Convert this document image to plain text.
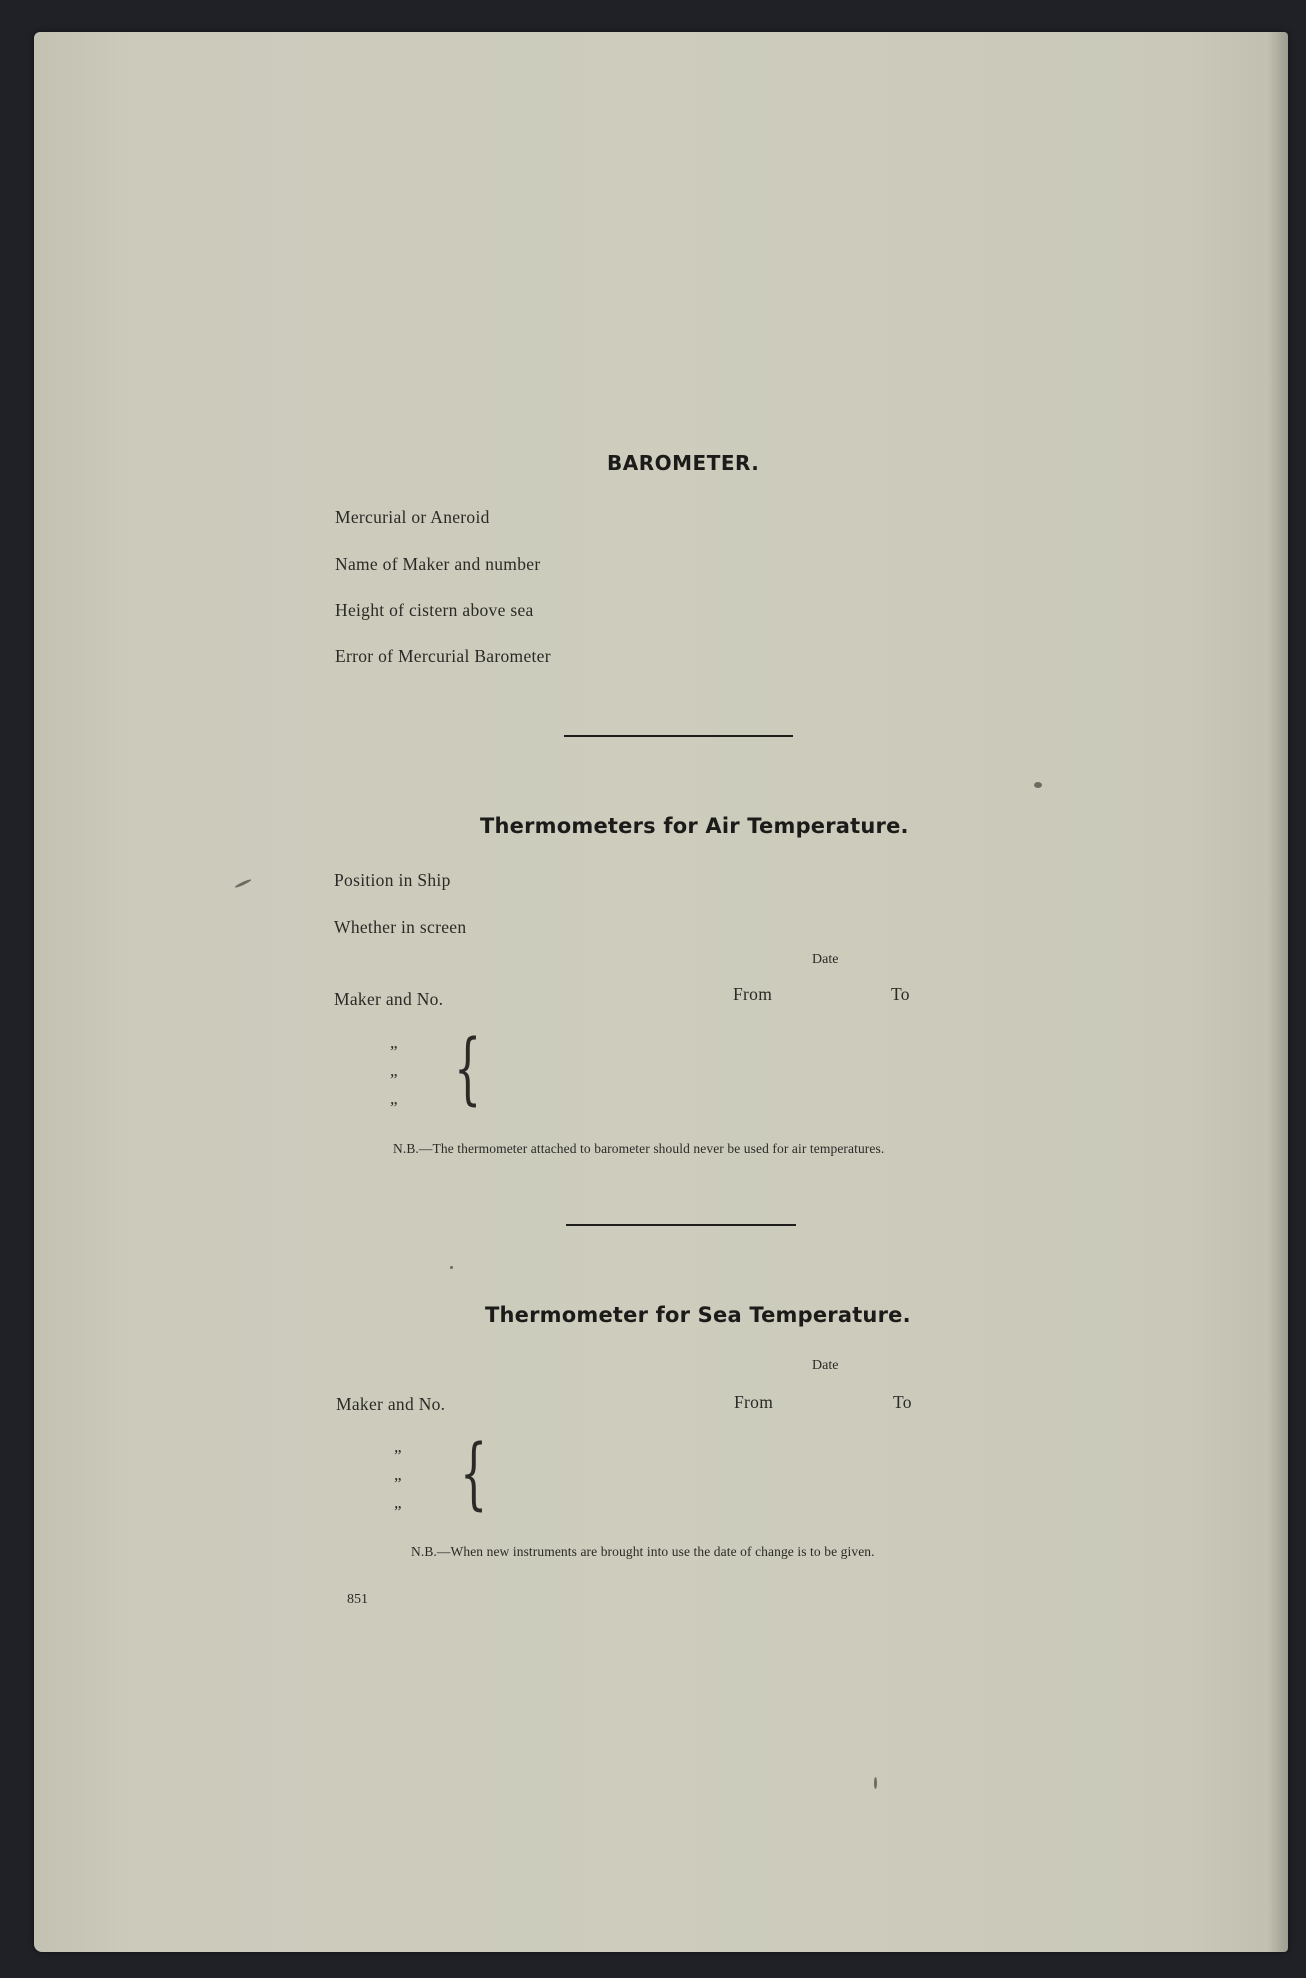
BAROMETER.
Mercurial or Aneroid
Name of Maker and number
Height of cistern above sea
Error of Mercurial Barometer
Thermometers for Air Temperature.
Position in Ship
Whether in screen
Date
Maker and No.	From	To
”
”
” {
N.B.—The thermometer attached to barometer should never be used for air temperatures.
Thermometer for Sea Temperature.
Date
Maker and No.	From	To
”
”
” {
N.B.—When new instruments are brought into use the date of change is to be given.
851
